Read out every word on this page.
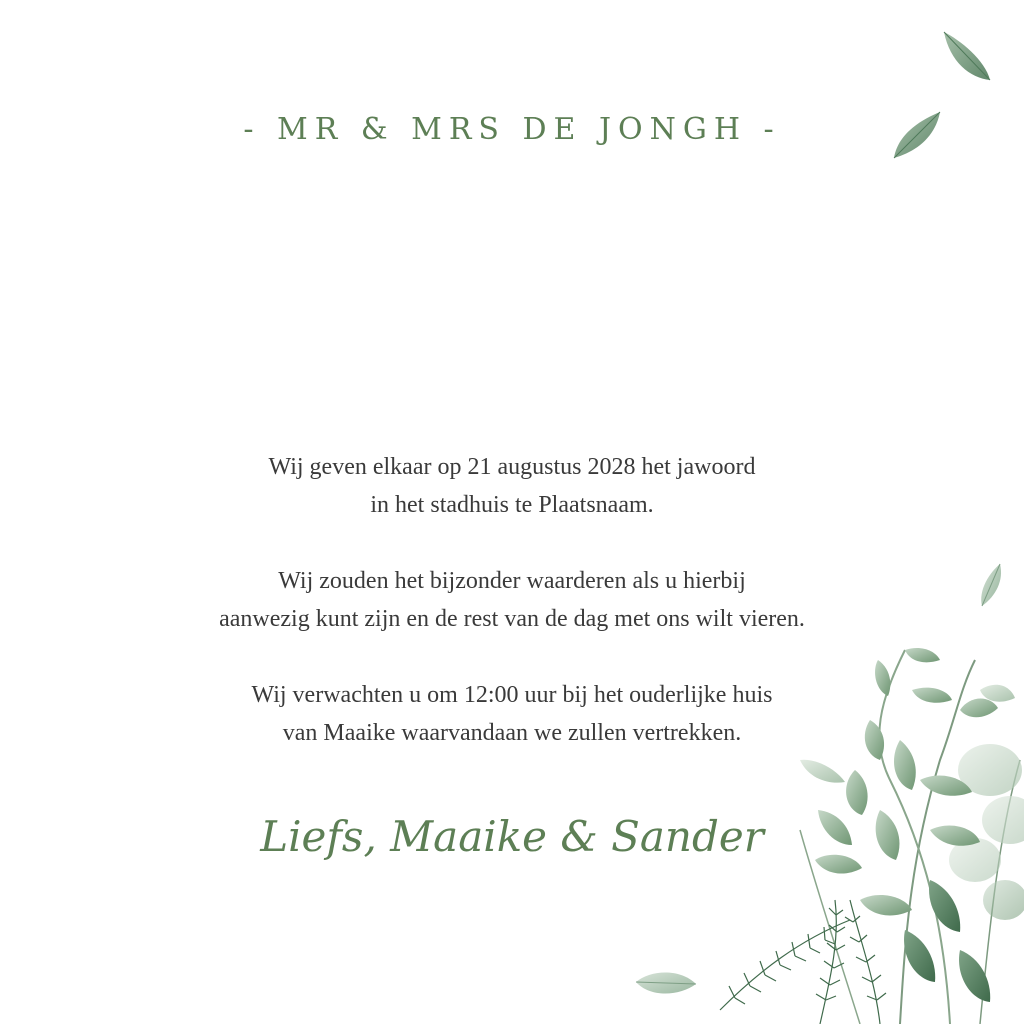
- MR & MRS DE JONGH -

Wij geven elkaar op 21 augustus 2028 het jawoord
in het stadhuis te Plaatsnaam.

Wij zouden het bijzonder waarderen als u hierbij
aanwezig kunt zijn en de rest van de dag met ons wilt vieren.

Wij verwachten u om 12:00 uur bij het ouderlijke huis
van Maaike waarvandaan we zullen vertrekken.

Liefs, Maaike & Sander
